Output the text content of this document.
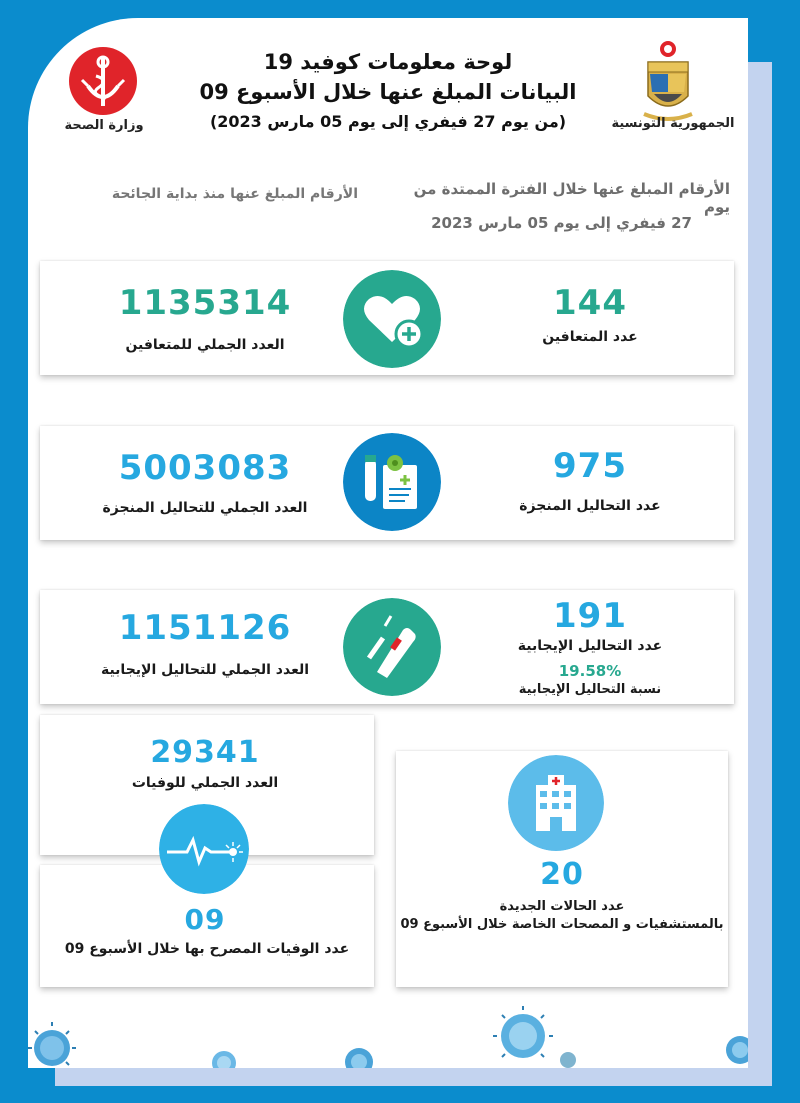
وزارة الصحة	الجمهورية التونسية
لوحة معلومات كوفيد 19
البيانات المبلغ عنها خلال الأسبوع 09
(من يوم 27 فيفري إلى يوم 05 مارس 2023)
الأرقام المبلغ عنها خلال الفترة الممتدة من يوم
27 فيفري إلى يوم 05 مارس 2023
الأرقام المبلغ عنها منذ بداية الجائحة
1135314
العدد الجملي للمتعافين
144
عدد المتعافين
5003083
العدد الجملي للتحاليل المنجزة
975
عدد التحاليل المنجزة
1151126
العدد الجملي للتحاليل الإيجابية
191
عدد التحاليل الإيجابية
19.58%
نسبة التحاليل الإيجابية
29341
العدد الجملي للوفيات
09
عدد الوفيات المصرح بها خلال الأسبوع 09
20
عدد الحالات الجديدة
بالمستشفيات و المصحات الخاصة خلال الأسبوع 09
